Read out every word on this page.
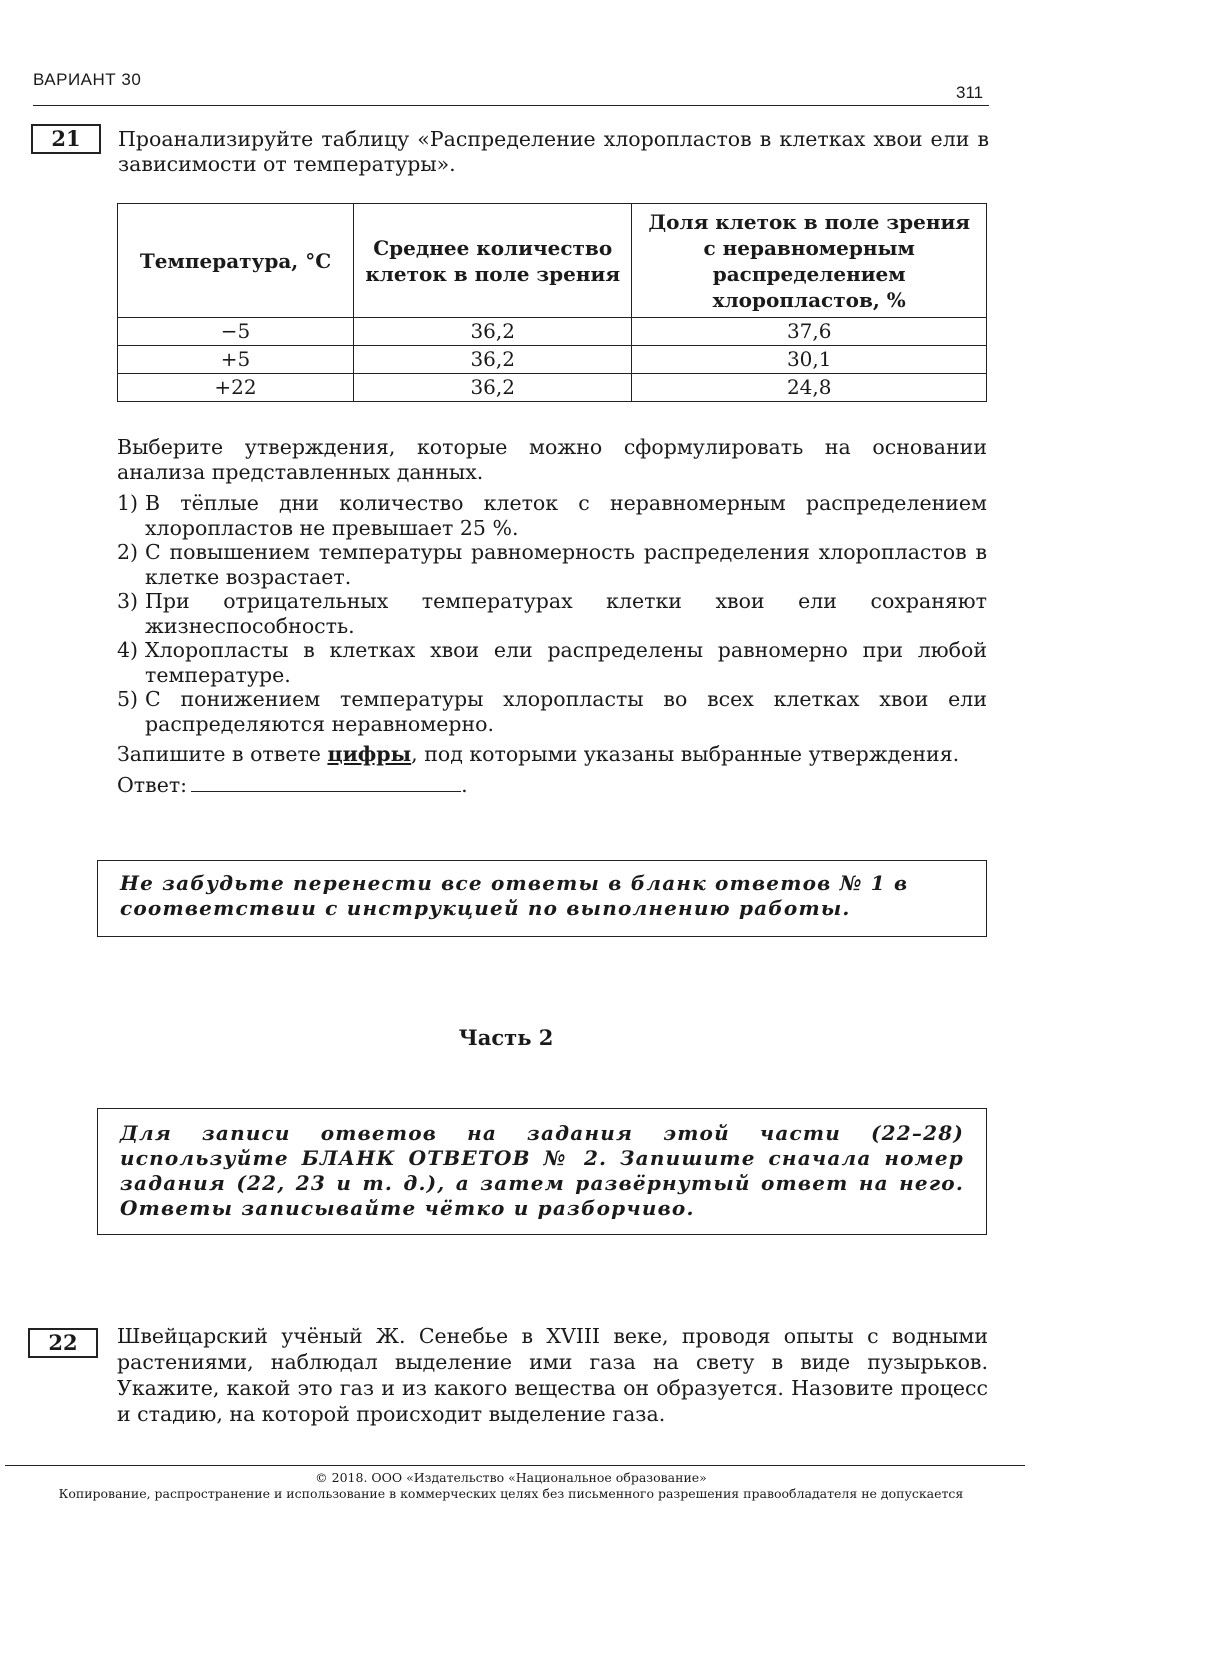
ВАРИАНТ 30
311
21	Проанализируйте таблицу «Распределение хлоропластов в клетках хвои ели в зависимости от температуры».
Температура, °С	Среднее количество клеток в поле зрения	Доля клеток в поле зрения с неравномерным распределением хлоропластов, %
−5	36,2	37,6
+5	36,2	30,1
+22	36,2	24,8
Выберите утверждения, которые можно сформулировать на основании анализа представленных данных.
1) В тёплые дни количество клеток с неравномерным распределением хлоропластов не превышает 25 %.
2) С повышением температуры равномерность распределения хлоропластов в клетке возрастает.
3) При отрицательных температурах клетки хвои ели сохраняют жизнеспособность.
4) Хлоропласты в клетках хвои ели распределены равномерно при любой температуре.
5) С понижением температуры хлоропласты во всех клетках хвои ели распределяются неравномерно.
Запишите в ответе цифры, под которыми указаны выбранные утверждения.
Ответ:	.
Не забудьте перенести все ответы в бланк ответов № 1 в соответствии с инструкцией по выполнению работы.
Часть 2
Для записи ответов на задания этой части (22–28) используйте БЛАНК ОТВЕТОВ № 2. Запишите сначала номер задания (22, 23 и т. д.), а затем развёрнутый ответ на него. Ответы записывайте чётко и разборчиво.
22	Швейцарский учёный Ж. Сенебье в XVIII веке, проводя опыты с водными растениями, наблюдал выделение ими газа на свету в виде пузырьков. Укажите, какой это газ и из какого вещества он образуется. Назовите процесс и стадию, на которой происходит выделение газа.
© 2018. ООО «Издательство «Национальное образование»
Копирование, распространение и использование в коммерческих целях без письменного разрешения правообладателя не допускается
